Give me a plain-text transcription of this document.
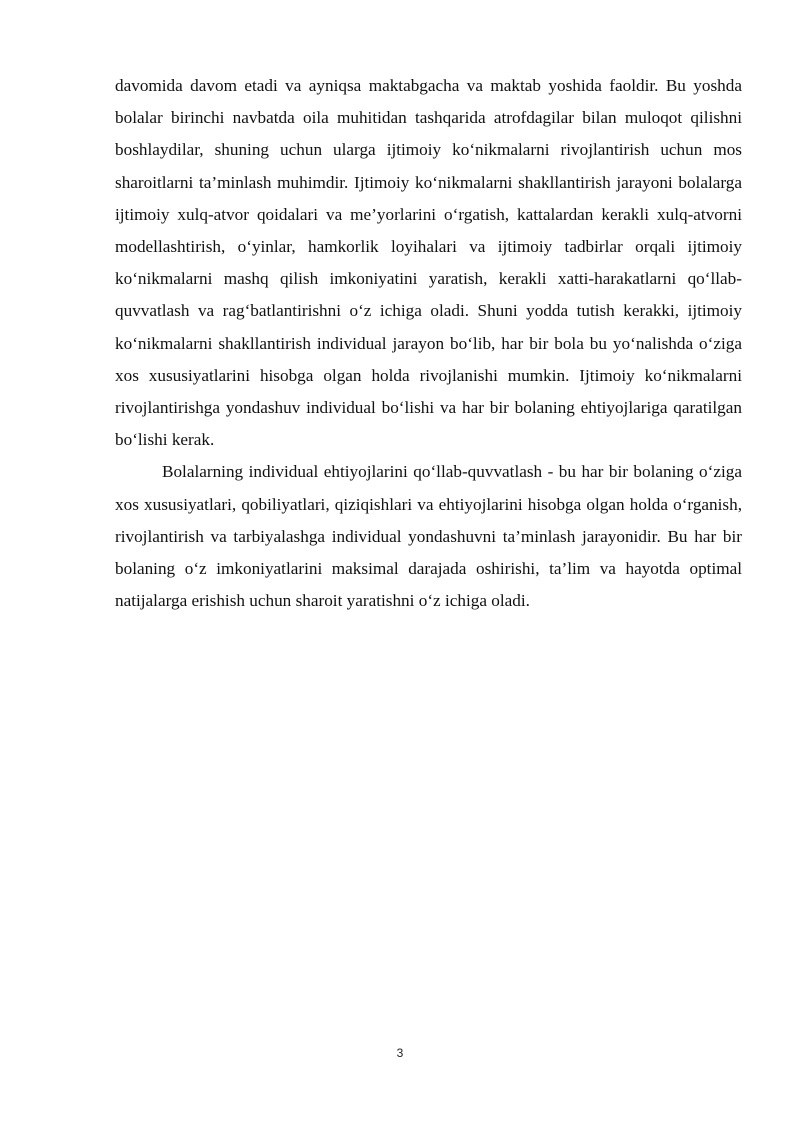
davomida davom etadi va ayniqsa maktabgacha va maktab yoshida faoldir. Bu yoshda bolalar birinchi navbatda oila muhitidan tashqarida atrofdagilar bilan muloqot qilishni boshlaydilar, shuning uchun ularga ijtimoiy ko‘nikmalarni rivojlantirish uchun mos sharoitlarni ta’minlash muhimdir. Ijtimoiy ko‘nikmalarni shakllantirish jarayoni bolalarga ijtimoiy xulq-atvor qoidalari va me’yorlarini o‘rgatish, kattalardan kerakli xulq-atvorni modellashtirish, o‘yinlar, hamkorlik loyihalari va ijtimoiy tadbirlar orqali ijtimoiy ko‘nikmalarni mashq qilish imkoniyatini yaratish, kerakli xatti-harakatlarni qo‘llab-quvvatlash va rag‘batlantirishni o‘z ichiga oladi. Shuni yodda tutish kerakki, ijtimoiy ko‘nikmalarni shakllantirish individual jarayon bo‘lib, har bir bola bu yo‘nalishda o‘ziga xos xususiyatlarini hisobga olgan holda rivojlanishi mumkin. Ijtimoiy ko‘nikmalarni rivojlantirishga yondashuv individual bo‘lishi va har bir bolaning ehtiyojlariga qaratilgan bo‘lishi kerak.

Bolalarning individual ehtiyojlarini qo‘llab-quvvatlash - bu har bir bolaning o‘ziga xos xususiyatlari, qobiliyatlari, qiziqishlari va ehtiyojlarini hisobga olgan holda o‘rganish, rivojlantirish va tarbiyalashga individual yondashuvni ta’minlash jarayonidir. Bu har bir bolaning o‘z imkoniyatlarini maksimal darajada oshirishi, ta’lim va hayotda optimal natijalarga erishish uchun sharoit yaratishni o‘z ichiga oladi.

3
